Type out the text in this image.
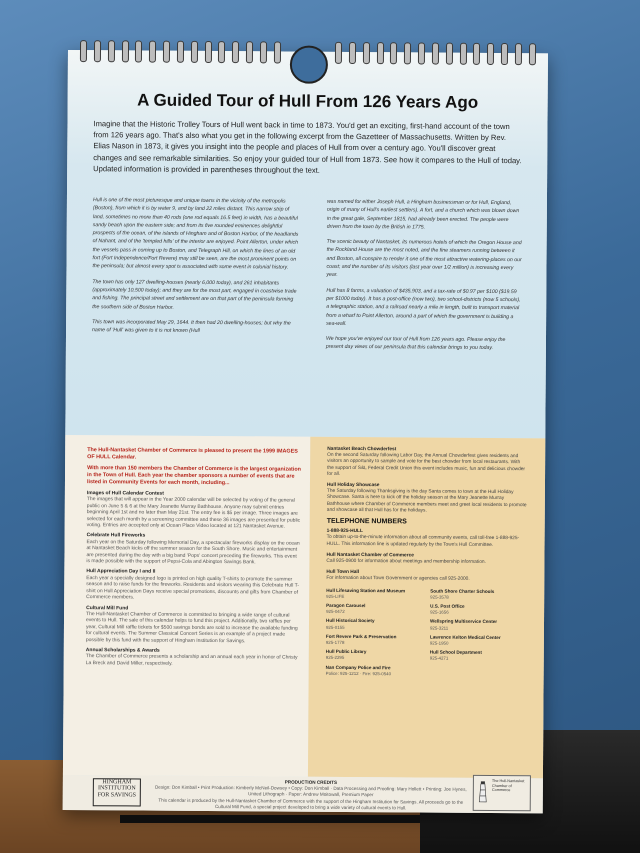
A Guided Tour of Hull From 126 Years Ago
Imagine that the Historic Trolley Tours of Hull went back in time to 1873. You'd get an exciting, first-hand account of the town from 126 years ago. That's also what you get in the following excerpt from the Gazetteer of Massachusetts. Written by Rev. Elias Nason in 1873, it gives you insight into the people and places of Hull from over a century ago. You'll discover great changes and see remarkable similarities. So enjoy your guided tour of Hull from 1873. See how it compares to the Hull of today. Updated information is provided in parentheses throughout the text.

Hull is one of the most picturesque and unique towns in the vicinity of the metropolis (Boston), from which it is by water 9, and by land 22 miles distant. This narrow strip of land, sometimes no more than 40 rods (one rod equals 16.5 feet) in width, has a beautiful sandy beach upon the eastern side; and from its five rounded eminences delightful prospects of the ocean, of the islands of Hingham and of Boston Harbor, of the headlands of Nahant, and of the 'templed hills' of the interior are enjoyed. Point Allerton, under which the vessels pass in coming up to Boston, and Telegraph Hill, on which the lines of an old fort (Fort Independence/Fort Revere) may still be seen, are the most prominent points on the peninsula; but almost every spot is associated with some event in colonial history.

The town has only 127 dwelling-houses (nearly 6,000 today), and 261 inhabitants (approximately 10,500 today); and they are for the most part, engaged in coastwise trade and fishing. The principal street and settlement are on that part of the peninsula forming the southern side of Boston Harbor.

This town was incorporated May 29, 1644. It then had 20 dwelling-houses; but why the name of 'Hull' was given to it is not known (Hull

was named for either Joseph Hull, a Hingham businessman or for Hull, England, origin of many of Hull's earliest settlers). A fort, and a church which was blown down in the great gale, September 1815, had already been erected. The people were driven from the town by the British in 1775.

The scenic beauty of Nantasket, its numerous hotels of which the Oregon House and the Rockland House are the most noted, and the fine steamers running between it and Boston, all conspire to render it one of the most attractive watering-places on our coast; and the number of its visitors (last year over 1/2 million) is increasing every year.

Hull has 8 farms, a valuation of $435,903, and a tax-rate of $0.97 per $100 ($19.59 per $1000 today). It has a post-office (now two), two school-districts (now 5 schools), a telegraphic station, and a railroad nearly a mile in length, built to transport material from a wharf to Point Allerton, around a part of which the government is building a sea-wall.

We hope you've enjoyed our tour of Hull from 126 years ago. Please enjoy the present day views of our peninsula that this calendar brings to you today.

The Hull-Nantasket Chamber of Commerce is pleased to present the 1999 IMAGES OF HULL Calendar.

With more than 150 members the Chamber of Commerce is the largest organization in the Town of Hull. Each year the chamber sponsors a number of events that are listed in Community Events for each month, including...

Images of Hull Calendar Contest

The images that will appear in the Year 2000 calendar will be selected by voting of the general public on June 5 & 6 at the Mary Jeanette Murray Bathhouse. Anyone may submit entries beginning April 1st and no later than May 21st. The entry fee is $5 per image. Three images are selected for each month by a screening committee and these 36 images are presented for public voting. Entries are accepted only at Ocean Place Video located at 121 Nantasket Avenue.

Celebrate Hull Fireworks

Each year on the Saturday following Memorial Day, a spectacular fireworks display on the ocean at Nantasket Beach kicks off the summer season for the South Shore. Music and entertainment are presented during the day with a big band 'Pops' concert preceding the fireworks. This event is made possible with the support of Pepsi-Cola and Abington Savings Bank.

Hull Appreciation Day I and II

Each year a specially designed logo is printed on high quality T-shirts to promote the summer season and to raise funds for the fireworks. Residents and visitors wearing this Celebrate Hull T-shirt on Hull Appreciation Days receive special promotions, discounts and gifts from Chamber of Commerce members.

Cultural Mill Fund

The Hull-Nantasket Chamber of Commerce is committed to bringing a wide range of cultural events to Hull. The sale of this calendar helps to fund this project. Additionally, two raffles per year, Cultural Mill raffle tickets for $500 savings bonds are sold to increase the available funding for cultural events. The Summer Classical Concert Series is an example of a project made possible by this fund with the support of Hingham Institution for Savings.

Annual Scholarships & Awards

The Chamber of Commerce presents a scholarship and an annual each year in honor of Christy La Breck and David Miller, respectively.

Nantasket Beach Chowderfest

On the second Saturday following Labor Day, the Annual Chowderfest gives residents and visitors an opportunity to sample and vote for the best chowder from local restaurants. With the support of S&L Federal Credit Union this event includes music, fun and delicious chowder for all.

Hull Holiday Showcase

The Saturday following Thanksgiving is the day Santa comes to town at the Hull Holiday Showcase. Santa is here to kick off the holiday season at the Mary Jeanette Murray Bathhouse where Chamber of Commerce members meet and greet local residents to promote and showcase all that Hull has for the holidays.

TELEPHONE NUMBERS

1-888-925-HULL

To obtain up-to-the-minute information about all community events, call toll-free 1-888-925-HULL. This information line is updated regularly by the Town's Hull Committee.

Hull Nantasket Chamber of Commerce

Call 925-0900 for information about meetings and membership information.

Hull Town Hall

For information about Town Government or agencies call 925-2000.

Hull Lifesaving Station and Museum
925-LIFE
South Shore Charter Schools
925-3578
Paragon Carousel
925-0472
U.S. Post Office
925-1656
Hull Historical Society
925-0155
Wellspring Multiservice Center
925-3211
Fort Revere Park & Preservation
925-1778
Lawrence Kelton Medical Center
925-1950
Hull Public Library
925-2295
Hull School Department
925-4271
Nan Company Police and Fire
Police: 925-1212 · Fire: 925-0540
HINGHAM INSTITUTION FOR SAVINGS
PRODUCTION CREDITS
Design: Don Kimball • Print Production: Kimberly McNeil-Dowsey • Copy: Don Kimball · Data Processing and Proofing: Mary Hollett • Printing: Joe Hynes, United Lithograph · Paper: Andrew Moitowall, Premium Paper
This calendar is produced by the Hull-Nantasket Chamber of Commerce with the support of the Hingham Institution for Savings. All proceeds go to the Cultural Mill Fund, a special project developed to bring a wide variety of cultural events to Hull.
The Hull-Nantasket Chamber of Commerce
